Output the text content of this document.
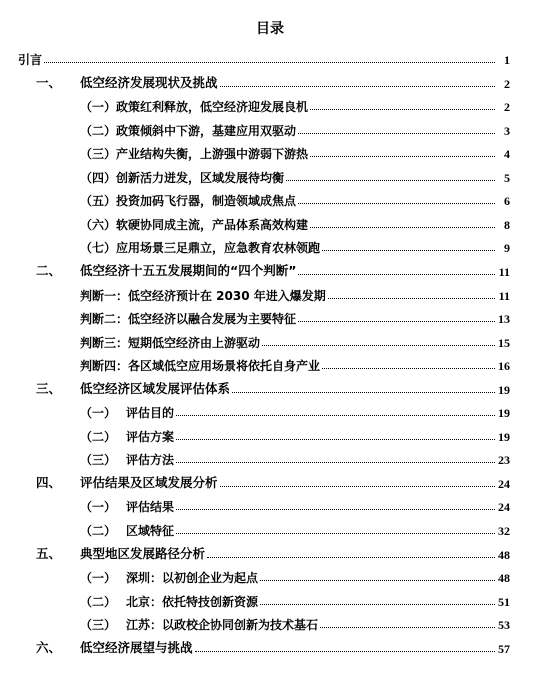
目录
引言	1
一、	低空经济发展现状及挑战	2
（一）政策红利释放，低空经济迎发展良机	2
（二）政策倾斜中下游，基建应用双驱动	3
（三）产业结构失衡，上游强中游弱下游热	4
（四）创新活力迸发，区域发展待均衡	5
（五）投资加码飞行器，制造领域成焦点	6
（六）软硬协同成主流，产品体系高效构建	8
（七）应用场景三足鼎立，应急教育农林领跑	9
二、	低空经济十五五发展期间的“四个判断”	11
判断一：低空经济预计在 2030 年进入爆发期	11
判断二：低空经济以融合发展为主要特征	13
判断三：短期低空经济由上游驱动	15
判断四：各区域低空应用场景将依托自身产业	16
三、	低空经济区域发展评估体系	19
（一） 评估目的	19
（二） 评估方案	19
（三） 评估方法	23
四、	评估结果及区域发展分析	24
（一） 评估结果	24
（二） 区域特征	32
五、	典型地区发展路径分析	48
（一） 深圳：以初创企业为起点	48
（二） 北京：依托特技创新资源	51
（三） 江苏：以政校企协同创新为技术基石	53
六、	低空经济展望与挑战	57
